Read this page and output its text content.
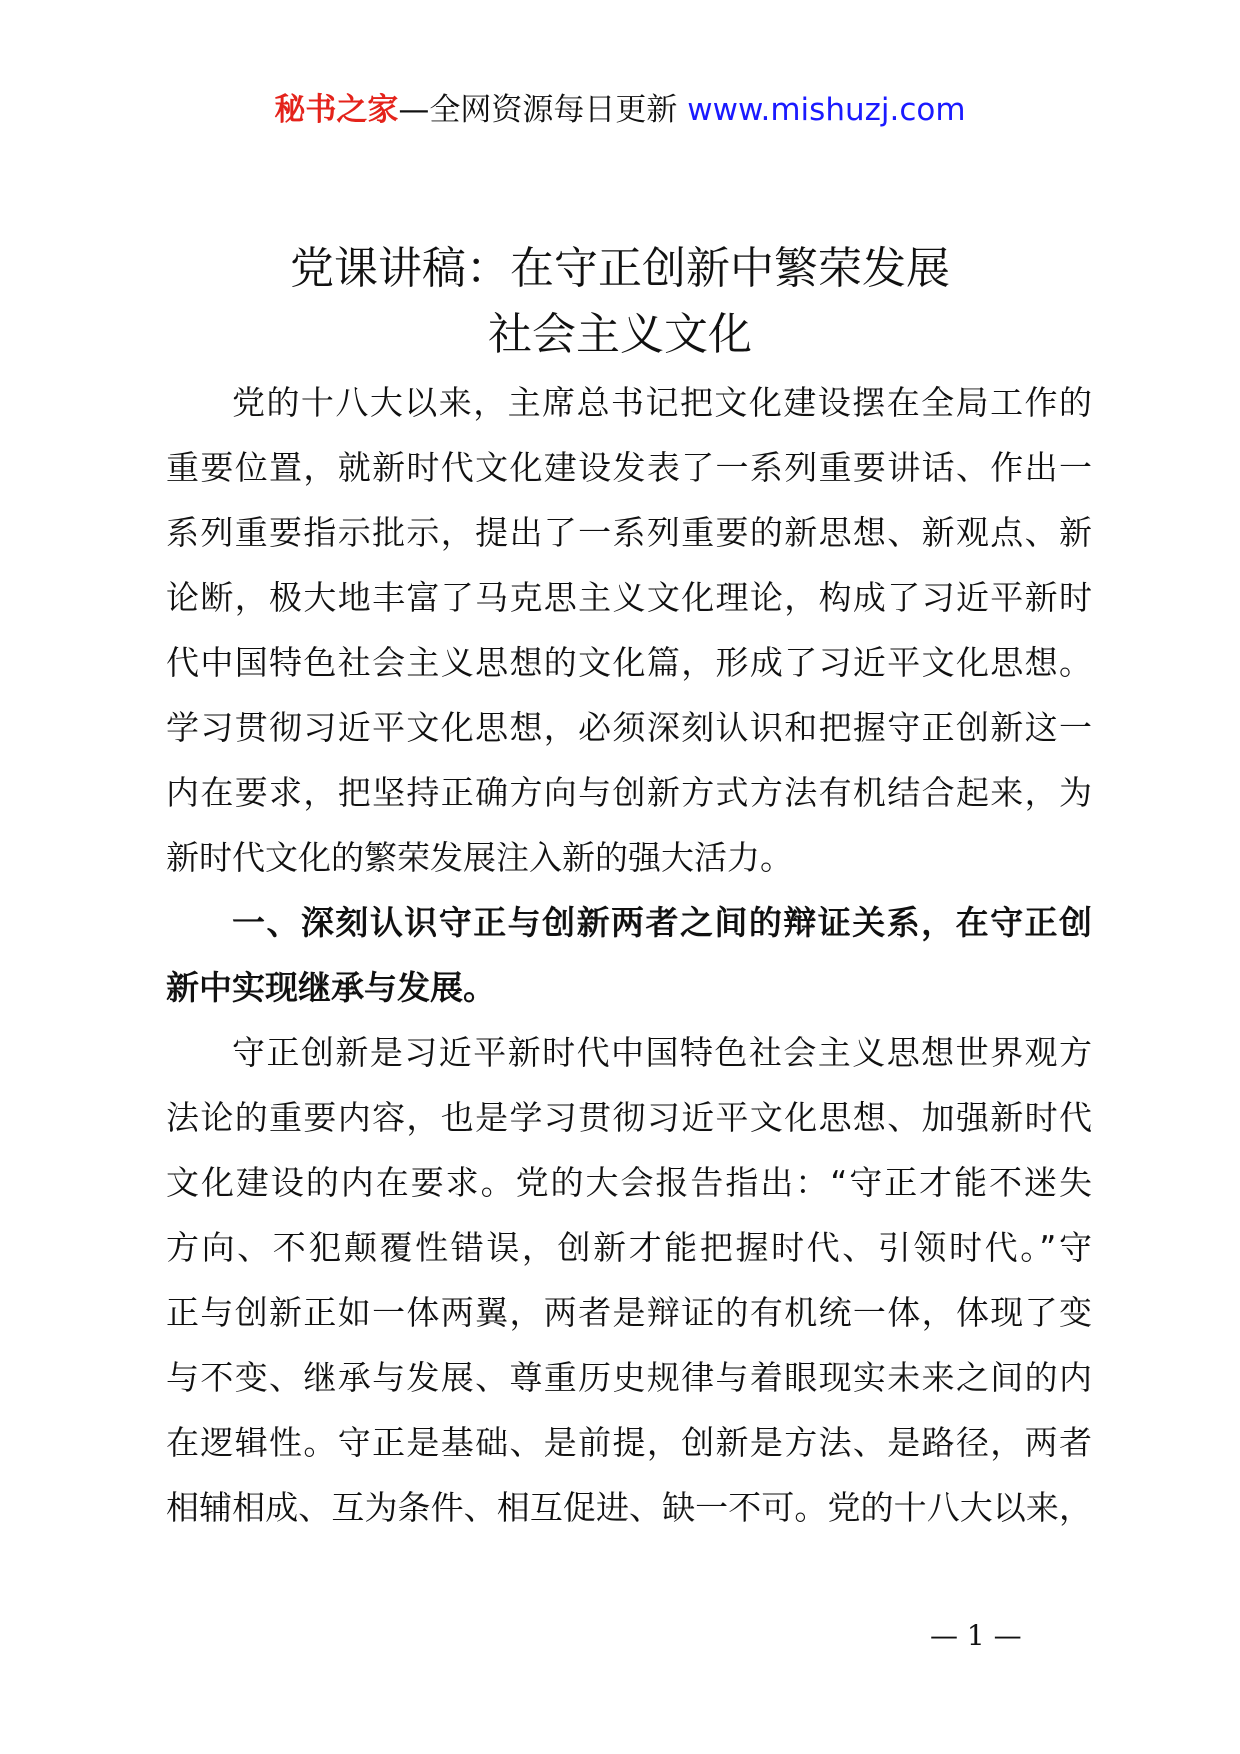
秘书之家—全网资源每日更新 www.mishuzj.com
党课讲稿：在守正创新中繁荣发展
社会主义文化
党的十八大以来，主席总书记把文化建设摆在全局工作的
重要位置，就新时代文化建设发表了一系列重要讲话、作出一
系列重要指示批示，提出了一系列重要的新思想、新观点、新
论断，极大地丰富了马克思主义文化理论，构成了习近平新时
代中国特色社会主义思想的文化篇，形成了习近平文化思想。
学习贯彻习近平文化思想，必须深刻认识和把握守正创新这一
内在要求，把坚持正确方向与创新方式方法有机结合起来，为
新时代文化的繁荣发展注入新的强大活力。
一、深刻认识守正与创新两者之间的辩证关系，在守正创
新中实现继承与发展。
守正创新是习近平新时代中国特色社会主义思想世界观方
法论的重要内容，也是学习贯彻习近平文化思想、加强新时代
文化建设的内在要求。党的大会报告指出：“守正才能不迷失
方向、不犯颠覆性错误，创新才能把握时代、引领时代。”守
正与创新正如一体两翼，两者是辩证的有机统一体，体现了变
与不变、继承与发展、尊重历史规律与着眼现实未来之间的内
在逻辑性。守正是基础、是前提，创新是方法、是路径，两者
相辅相成、互为条件、相互促进、缺一不可。党的十八大以来，
— 1 —
